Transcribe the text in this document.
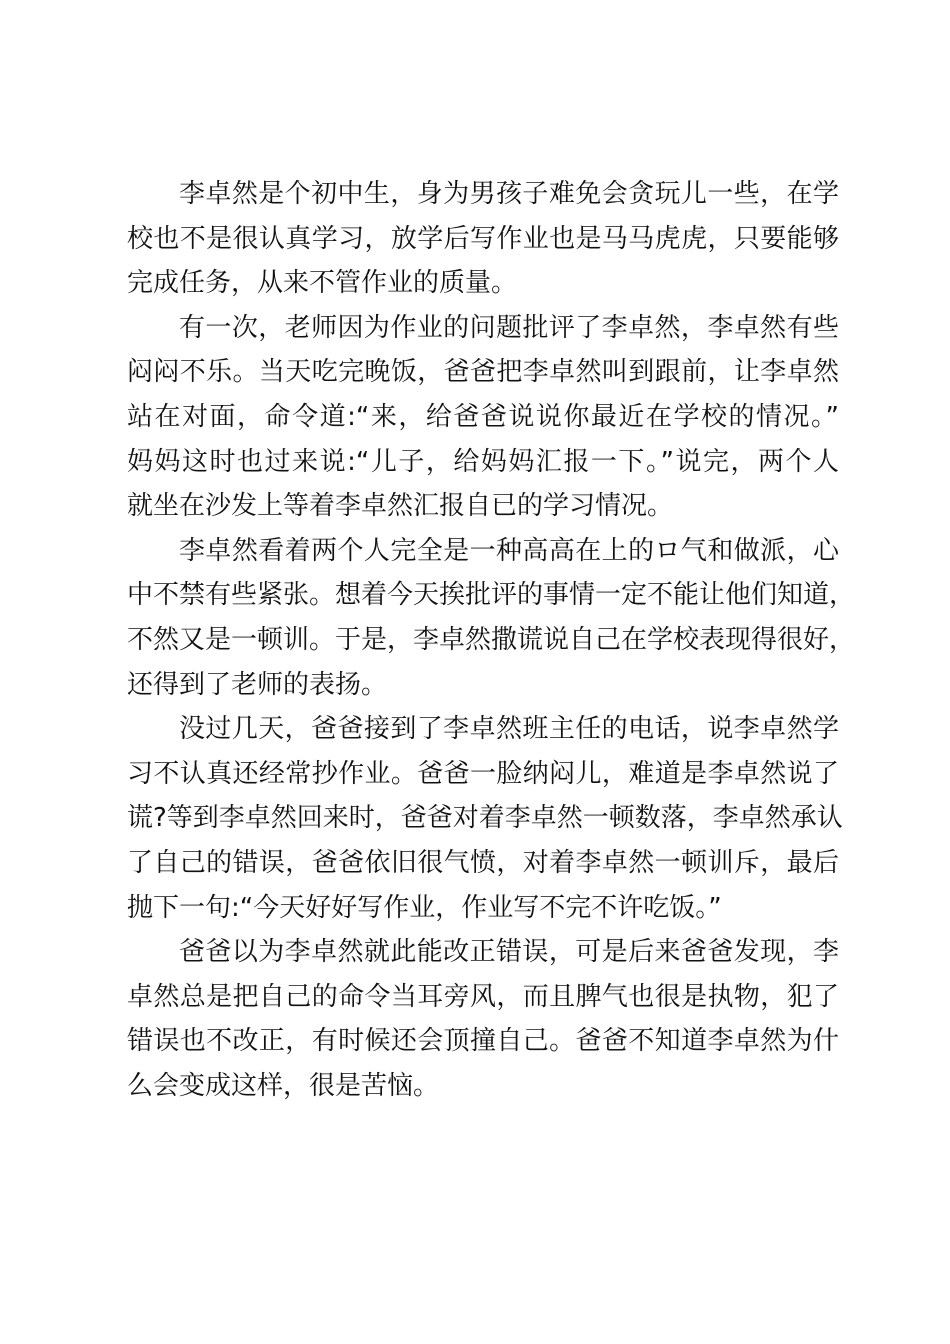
李卓然是个初中生，身为男孩子难免会贪玩儿一些，在学
校也不是很认真学习，放学后写作业也是马马虎虎，只要能够
完成任务，从来不管作业的质量。
有一次，老师因为作业的问题批评了李卓然，李卓然有些
闷闷不乐。当天吃完晚饭，爸爸把李卓然叫到跟前，让李卓然
站在对面，命令道:“来，给爸爸说说你最近在学校的情况。”
妈妈这时也过来说:“儿子，给妈妈汇报一下。”说完，两个人
就坐在沙发上等着李卓然汇报自已的学习情况。
李卓然看着两个人完全是一种高高在上的ロ气和做派，心
中不禁有些紧张。想着今天挨批评的事情一定不能让他们知道，
不然又是一顿训。于是，李卓然撒谎说自己在学校表现得很好，
还得到了老师的表扬。
没过几天，爸爸接到了李卓然班主任的电话，说李卓然学
习不认真还经常抄作业。爸爸一脸纳闷儿，难道是李卓然说了
谎?等到李卓然回来时，爸爸对着李卓然一顿数落，李卓然承认
了自己的错误，爸爸依旧很气愤，对着李卓然一顿训斥，最后
抛下一句:“今天好好写作业，作业写不完不许吃饭。”
爸爸以为李卓然就此能改正错误，可是后来爸爸发现，李
卓然总是把自己的命令当耳旁风，而且脾气也很是执物，犯了
错误也不改正，有时候还会顶撞自己。爸爸不知道李卓然为什
么会变成这样，很是苦恼。
